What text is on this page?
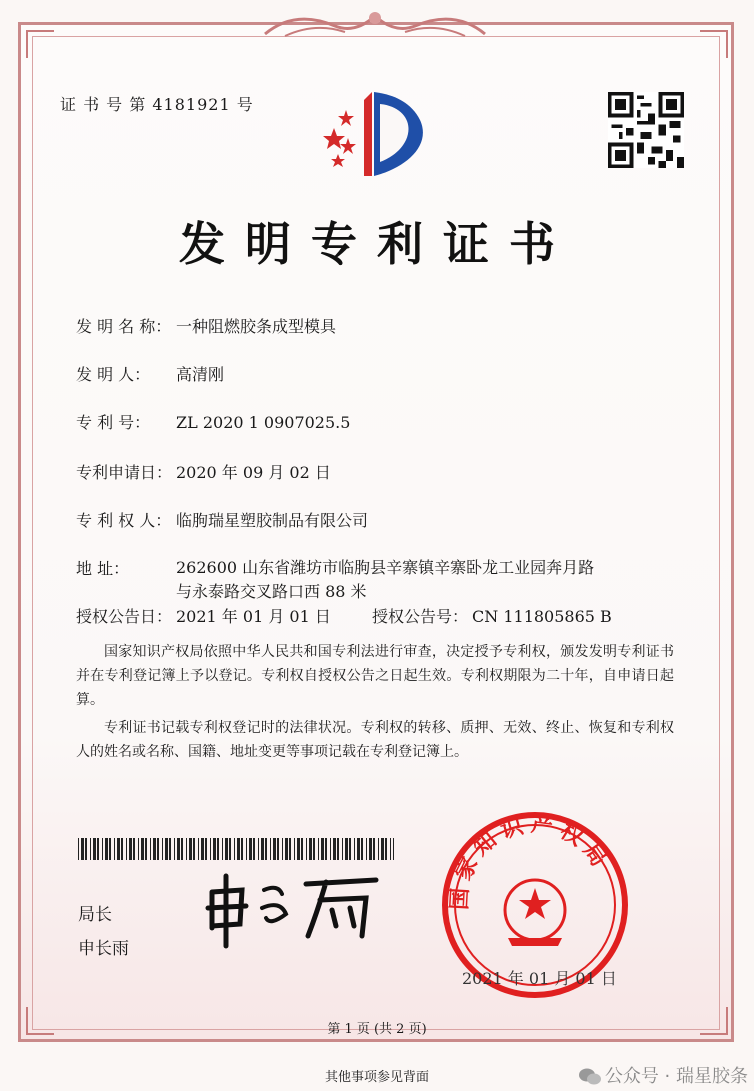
证 书 号 第 4181921 号
发明专利证书
发 明 名 称： 一种阻燃胶条成型模具
发 明 人： 高清刚
专 利 号： ZL 2020 1 0907025.5
专利申请日： 2020 年 09 月 02 日
专 利 权 人： 临朐瑞星塑胶制品有限公司
地 址：	262600 山东省潍坊市临朐县辛寨镇辛寨卧龙工业园奔月路与永泰路交叉路口西 88 米
授权公告日： 2021 年 01 月 01 日	授权公告号： CN 111805865 B
国家知识产权局依照中华人民共和国专利法进行审查，决定授予专利权，颁发发明专利证书并在专利登记簿上予以登记。专利权自授权公告之日起生效。专利权期限为二十年，自申请日起算。
专利证书记载专利权登记时的法律状况。专利权的转移、质押、无效、终止、恢复和专利权人的姓名或名称、国籍、地址变更等事项记载在专利登记簿上。
局长
申长雨
国家知识产权局
2021 年 01 月 01 日
第 1 页 (共 2 页)
其他事项参见背面	公众号 · 瑞星胶条
